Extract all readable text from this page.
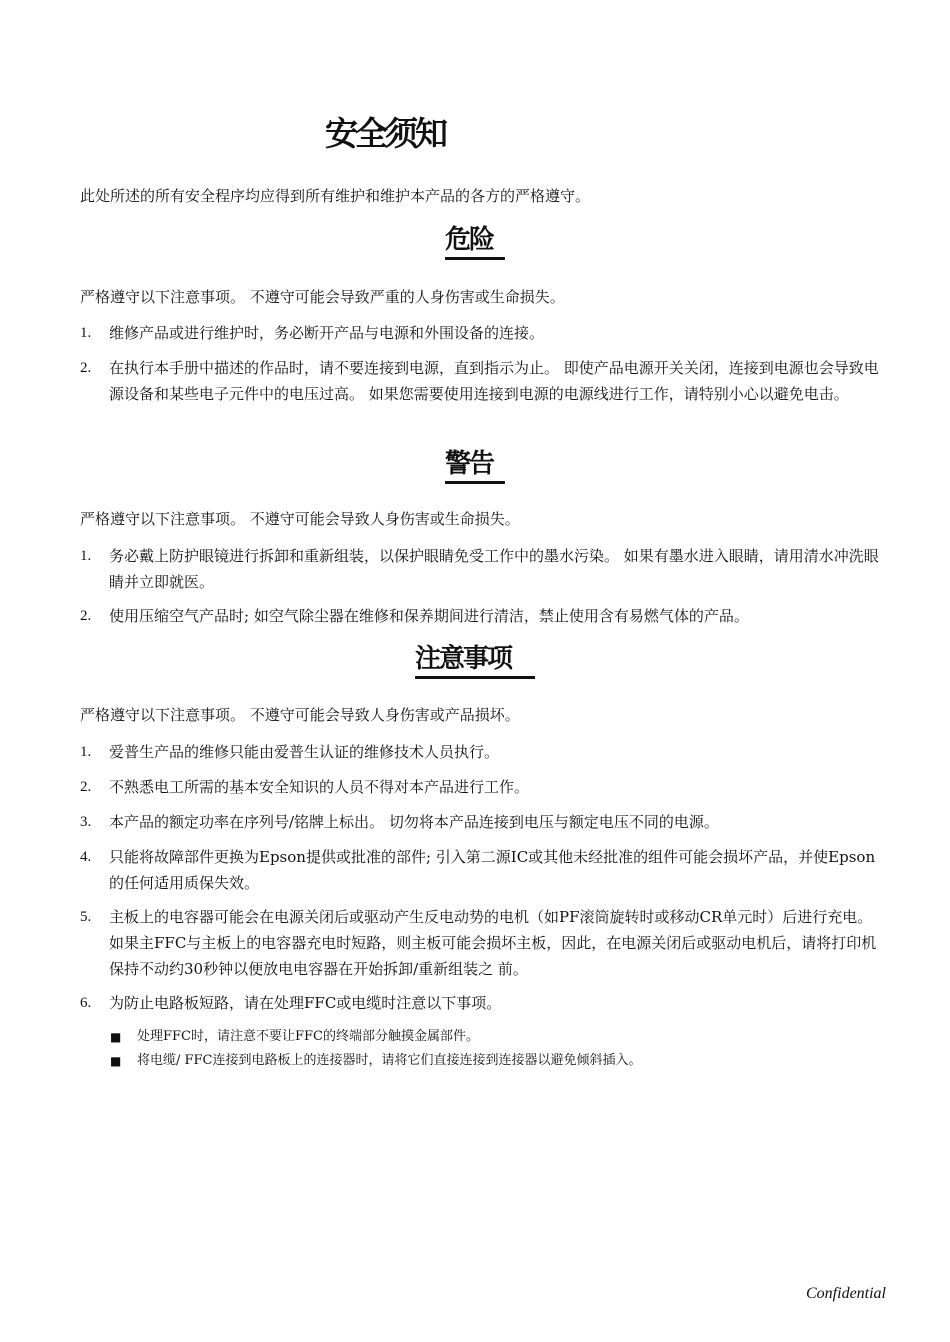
安全须知

此处所述的所有安全程序均应得到所有维护和维护本产品的各方的严格遵守。

危险

严格遵守以下注意事项。 不遵守可能会导致严重的人身伤害或生命损失。

1. 维修产品或进行维护时，务必断开产品与电源和外围设备的连接。
2. 在执行本手册中描述的作品时，请不要连接到电源，直到指示为止。 即使产品电源开关关闭，连接到电源也会导致电源设备和某些电子元件中的电压过高。 如果您需要使用连接到电源的电源线进行工作，请特别小心以避免电击。
警告

严格遵守以下注意事项。 不遵守可能会导致人身伤害或生命损失。

1. 务必戴上防护眼镜进行拆卸和重新组装，以保护眼睛免受工作中的墨水污染。 如果有墨水进入眼睛，请用清水冲洗眼睛并立即就医。
2. 使用压缩空气产品时; 如空气除尘器在维修和保养期间进行清洁，禁止使用含有易燃气体的产品。
注意事项

严格遵守以下注意事项。 不遵守可能会导致人身伤害或产品损坏。

1. 爱普生产品的维修只能由爱普生认证的维修技术人员执行。
2. 不熟悉电工所需的基本安全知识的人员不得对本产品进行工作。
3. 本产品的额定功率在序列号/铭牌上标出。 切勿将本产品连接到电压与额定电压不同的电源。
4. 只能将故障部件更换为Epson提供或批准的部件; 引入第二源IC或其他未经批准的组件可能会损坏产品，并使Epson的任何适用质保失效。
5. 主板上的电容器可能会在电源关闭后或驱动产生反电动势的电机（如PF滚筒旋转时或移动CR单元时）后进行充电。 如果主FFC与主板上的电容器充电时短路，则主板可能会损坏主板，因此，在电源关闭后或驱动电机后，请将打印机保持不动约30秒钟以便放电电容器在开始拆卸/重新组装之 前。
6. 为防止电路板短路，请在处理FFC或电缆时注意以下事项。
■ 处理FFC时，请注意不要让FFC的终端部分触摸金属部件。
■ 将电缆/ FFC连接到电路板上的连接器时，请将它们直接连接到连接器以避免倾斜插入。

Confidential
